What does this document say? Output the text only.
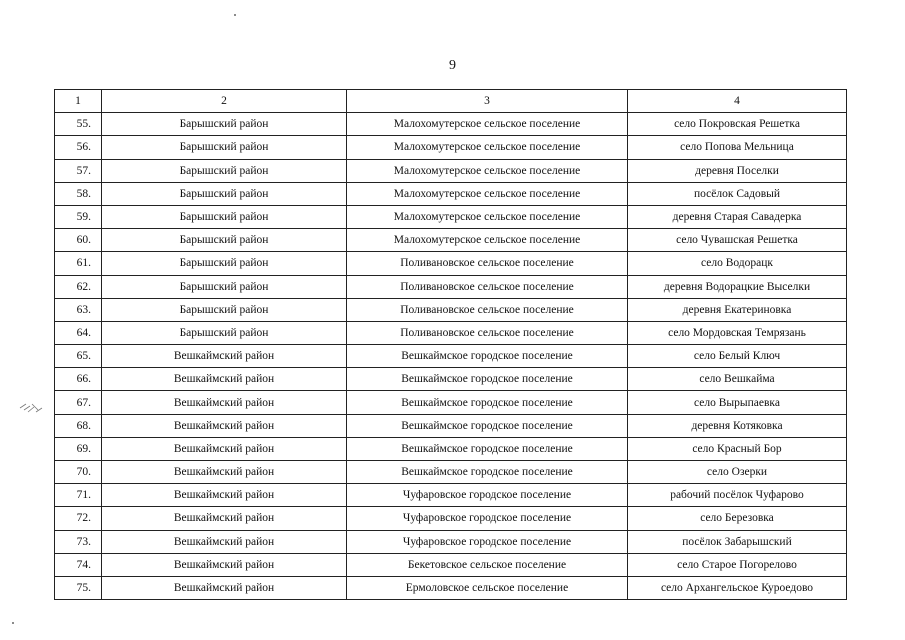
9
1	2	3	4
55.	Барышский район	Малохомутерское сельское поселение	село Покровская Решетка
56.	Барышский район	Малохомутерское сельское поселение	село Попова Мельница
57.	Барышский район	Малохомутерское сельское поселение	деревня Поселки
58.	Барышский район	Малохомутерское сельское поселение	посёлок Садовый
59.	Барышский район	Малохомутерское сельское поселение	деревня Старая Савадерка
60.	Барышский район	Малохомутерское сельское поселение	село Чувашская Решетка
61.	Барышский район	Поливановское сельское поселение	село Водорацк
62.	Барышский район	Поливановское сельское поселение	деревня Водорацкие Выселки
63.	Барышский район	Поливановское сельское поселение	деревня Екатериновка
64.	Барышский район	Поливановское сельское поселение	село Мордовская Темрязань
65.	Вешкаймский район	Вешкаймское городское поселение	село Белый Ключ
66.	Вешкаймский район	Вешкаймское городское поселение	село Вешкайма
67.	Вешкаймский район	Вешкаймское городское поселение	село Вырыпаевка
68.	Вешкаймский район	Вешкаймское городское поселение	деревня Котяковка
69.	Вешкаймский район	Вешкаймское городское поселение	село Красный Бор
70.	Вешкаймский район	Вешкаймское городское поселение	село Озерки
71.	Вешкаймский район	Чуфаровское городское поселение	рабочий посёлок Чуфарово
72.	Вешкаймский район	Чуфаровское городское поселение	село Березовка
73.	Вешкаймский район	Чуфаровское городское поселение	посёлок Забарышский
74.	Вешкаймский район	Бекетовское сельское поселение	село Старое Погорелово
75.	Вешкаймский район	Ермоловское сельское поселение	село Архангельское Куроедово
